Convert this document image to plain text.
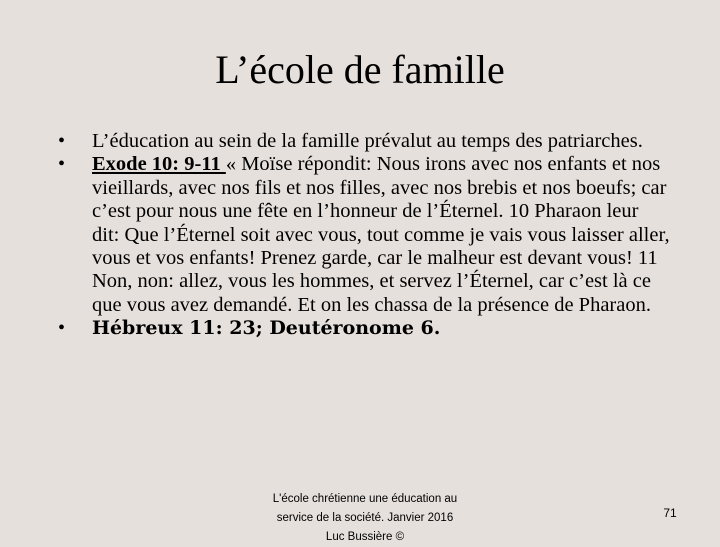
L’école de famille
• L’éducation au sein de la famille prévalut au temps des patriarches.
• Exode 10: 9-11 « Moïse répondit: Nous irons avec nos enfants et nos vieillards, avec nos fils et nos filles, avec nos brebis et nos boeufs; car c’est pour nous une fête en l’honneur de l’Éternel. 10 Pharaon leur dit: Que l’Éternel soit avec vous, tout comme je vais vous laisser aller, vous et vos enfants! Prenez garde, car le malheur est devant vous! 11 Non, non: allez, vous les hommes, et servez l’Éternel, car c’est là ce que vous avez demandé. Et on les chassa de la présence de Pharaon.
• Hébreux 11: 23; Deutéronome 6.
L'école chrétienne une éducation au
service de la société. Janvier 2016
Luc Bussière ©
71
